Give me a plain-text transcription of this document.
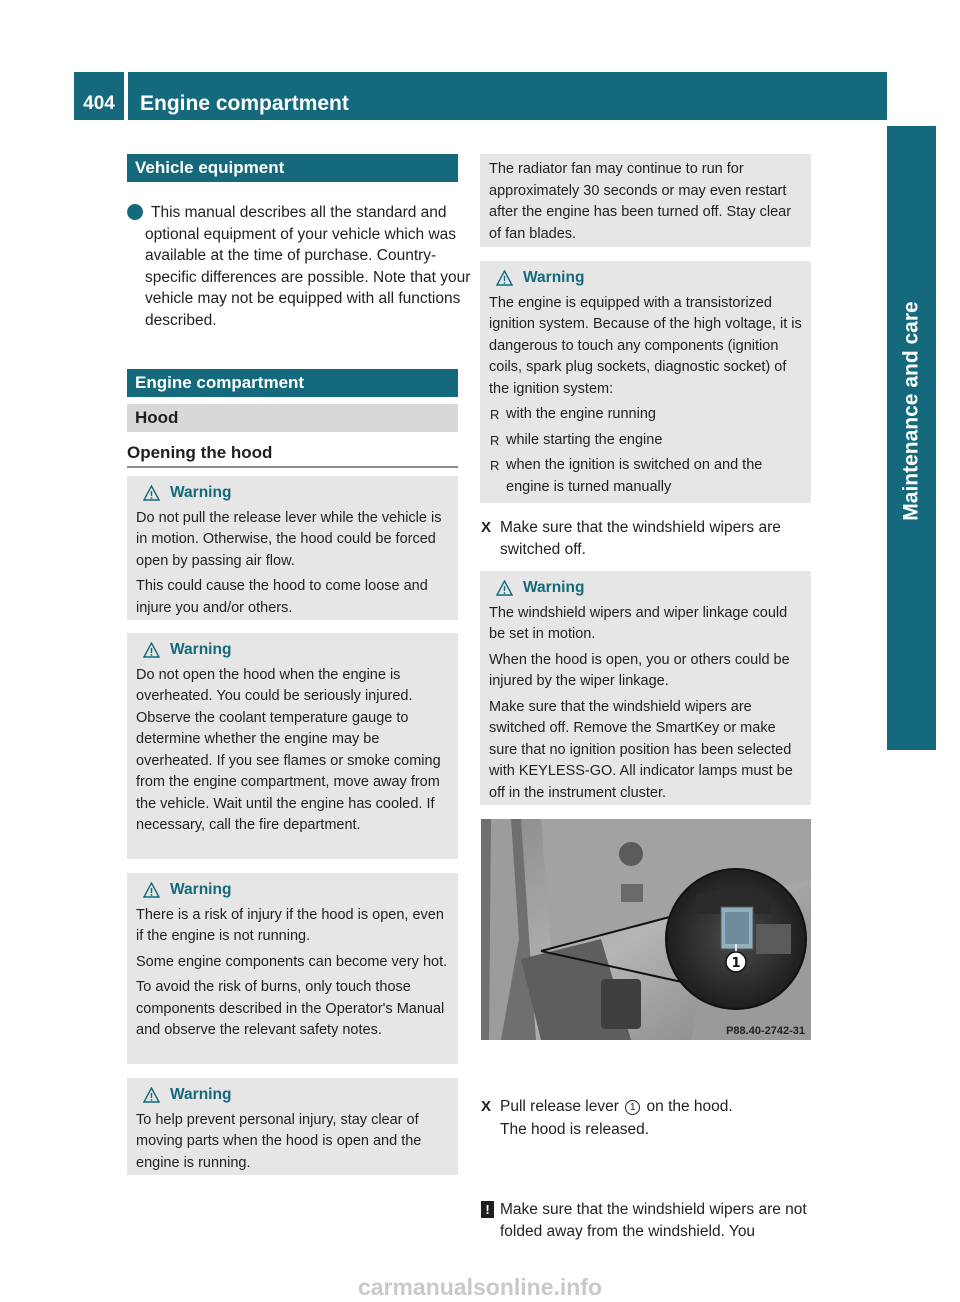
404	Engine compartment
Maintenance and care
Vehicle equipment
i This manual describes all the standard and optional equipment of your vehicle which was available at the time of purchase. Country-specific differences are possible. Note that your vehicle may not be equipped with all functions described.
Engine compartment
Hood
Opening the hood
Warning

Do not pull the release lever while the vehicle is in motion. Otherwise, the hood could be forced open by passing air flow.

This could cause the hood to come loose and injure you and/or others.

Warning

Do not open the hood when the engine is overheated. You could be seriously injured. Observe the coolant temperature gauge to determine whether the engine may be overheated. If you see flames or smoke coming from the engine compartment, move away from the vehicle. Wait until the engine has cooled. If necessary, call the fire department.

Warning

There is a risk of injury if the hood is open, even if the engine is not running.

Some engine components can become very hot.

To avoid the risk of burns, only touch those components described in the Operator's Manual and observe the relevant safety notes.

Warning

To help prevent personal injury, stay clear of moving parts when the hood is open and the engine is running.

The radiator fan may continue to run for approximately 30 seconds or may even restart after the engine has been turned off. Stay clear of fan blades.

Warning

The engine is equipped with a transistorized ignition system. Because of the high voltage, it is dangerous to touch any components (ignition coils, spark plug sockets, diagnostic socket) of the ignition system:

R with the engine running
R while starting the engine
R when the ignition is switched on and the engine is turned manually
X Make sure that the windshield wipers are switched off.
Warning

The windshield wipers and wiper linkage could be set in motion.

When the hood is open, you or others could be injured by the wiper linkage.

Make sure that the windshield wipers are switched off. Remove the SmartKey or make sure that no ignition position has been selected with KEYLESS-GO. All indicator lamps must be off in the instrument cluster.

1
P88.40-2742-31
X Pull release lever 1 on the hood.
The hood is released.
! Make sure that the windshield wipers are not folded away from the windshield. You
carmanualsonline.info
